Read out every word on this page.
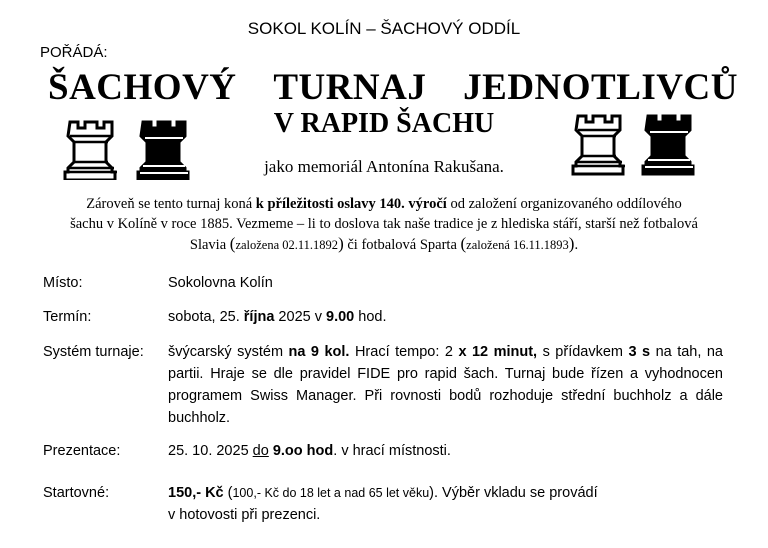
SOKOL KOLÍN – ŠACHOVÝ ODDÍL
POŘÁDÁ:
ŠACHOVÝ TURNAJ JEDNOTLIVCŮ
V RAPID ŠACHU
jako memoriál Antonína Rakušana.
Zároveň se tento turnaj koná k příležitosti oslavy 140. výročí od založení organizovaného oddílového šachu v Kolíně v roce 1885. Vezmeme – li to doslova tak naše tradice je z hlediska stáří, starší než fotbalová Slavia (založena 02.11.1892) či fotbalová Sparta (založená 16.11.1893).
Místo:	Sokolovna Kolín
Termín:	sobota, 25. října 2025 v 9.00 hod.
Systém turnaje: švýcarský systém na 9 kol. Hrací tempo: 2 x 12 minut, s přídavkem 3 s na tah, na partii. Hraje se dle pravidel FIDE pro rapid šach. Turnaj bude řízen a vyhodnocen programem Swiss Manager. Při rovnosti bodů rozhoduje střední buchholz a dále buchholz.
Prezentace:	25. 10. 2025 do 9.oo hod. v hrací místnosti.
Startovné:	150,- Kč (100,- Kč do 18 let a nad 65 let věku). Výběr vkladu se provádí
v hotovosti při prezenci.
